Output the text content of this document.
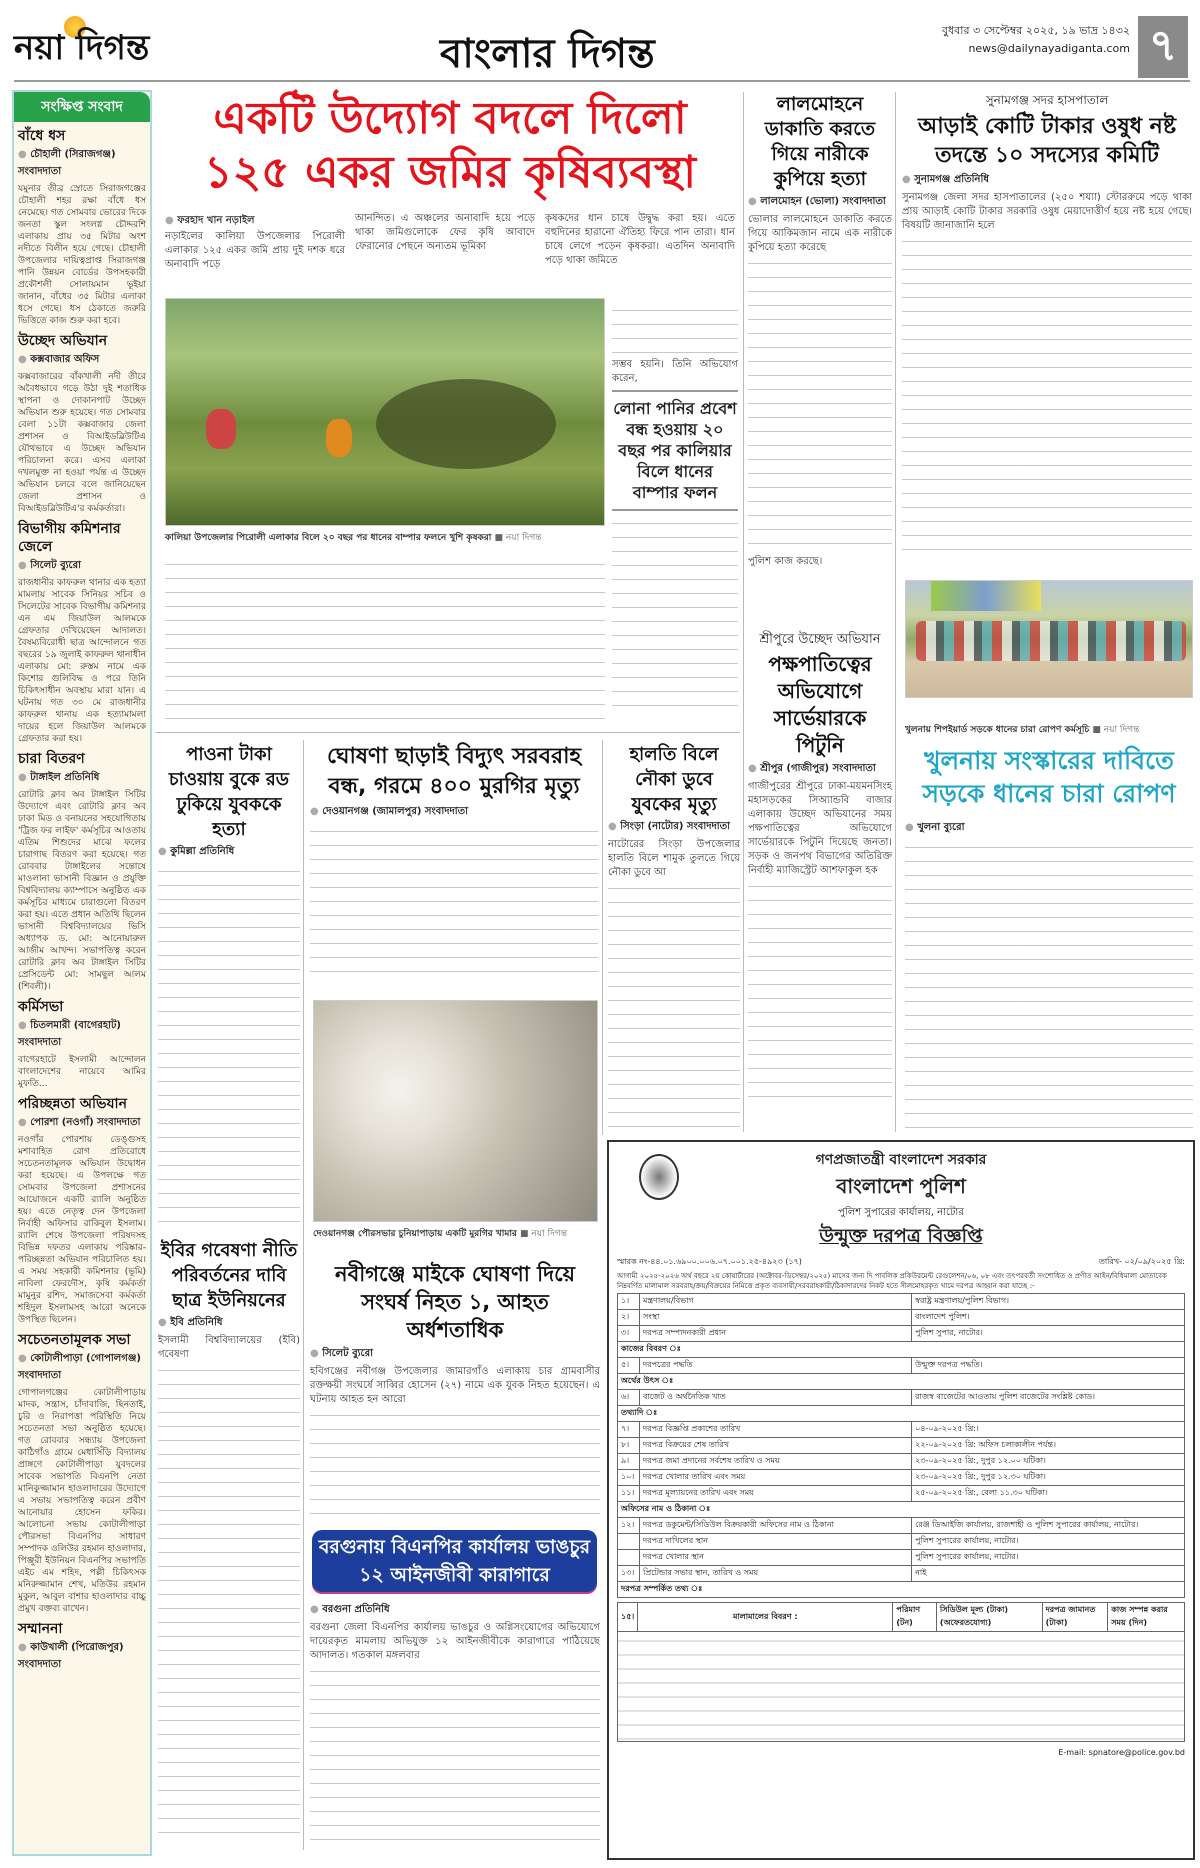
নয়া দিগন্ত	বাংলার দিগন্ত
বুধবার ৩ সেপ্টেম্বর ২০২৫, ১৯ ভাদ্র ১৪৩২
news@dailynayadiganta.com ৭
সংক্ষিপ্ত সংবাদ
বাঁধে ধস
● চৌহালী (সিরাজগঞ্জ) সংবাদদাতা
যমুনার তীব্র স্রোতে সিরাজগঞ্জের চৌহালী শহর রক্ষা বাঁধে ধস নেমেছে। গত সোমবার ভোরের দিকে জনতা স্কুল সংলগ্ন চৌদ্দরশি এলাকায় প্রায় ৩৫ মিটার অংশ নদীতে বিলীন হয়ে গেছে। চৌহালী উপজেলার দায়িত্বপ্রাপ্ত সিরাজগঞ্জ পানি উন্নয়ন বোর্ডের উপসহকারী প্রকৌশলী সোলায়মান ভূইয়া জানান, বাঁধের ৩৫ মিটার এলাকা ধসে গেছে। ধস ঠেকাতে জরুরি ভিত্তিতে কাজ শুরু করা হবে।
উচ্ছেদ অভিযান
● কক্সবাজার অফিস
কক্সবাজারের বাঁকখালী নদী তীরে অবৈধভাবে গড়ে উঠা দুই শতাধিক স্থাপনা ও দোকানপাট উচ্ছেদ অভিযান শুরু হয়েছে। গত সোমবার বেলা ১১টা কক্সবাজার জেলা প্রশাসন ও বিআইডব্লিউটিএ যৌথভাবে এ উচ্ছেদ অভিযান পরিচালনা করে। এসব এলাকা দখলমুক্ত না হওয়া পর্যন্ত এ উচ্ছেদ অভিযান চলবে বলে জানিয়েছেন জেলা প্রশাসন ও বিআইডব্লিউটিএ'র কর্মকর্তারা।
বিভাগীয় কমিশনার জেলে
● সিলেট ব্যুরো
রাজধানীর কাফরুল থানার এক হত্যা মামলায় সাবেক সিনিয়র সচিব ও সিলেটের সাবেক বিভাগীয় কমিশনার এন এম জিয়াউল আলমকে গ্রেফতার দেখিয়েছেন আদালত। বৈষম্যবিরোধী ছাত্র আন্দোলনে গত বছরের ১৯ জুলাই কাফরুল থানাধীন এলাকায় মো: রুস্তম নামে এক কিশোর গুলিবিদ্ধ ও পরে তিনি চিকিৎসাধীন অবস্থায় মারা যান। এ ঘটনায় গত ৩০ মে রাজধানীর কাফরুল থানায় এক হত্যামামলা দায়ের হলে জিয়াউল আলমকে গ্রেফতার করা হয়।
চারা বিতরণ
● টাঙ্গাইল প্রতিনিধি
রোটারি ক্লাব অব টাঙ্গাইল সিটির উদ্যোগে এবং রোটারি ক্লাব অব ঢাকা মিড ও বনায়নের সহযোগিতায় 'ট্রিজ ফর লাইফ' কর্মসূচির আওতায় এতিম শিশুদের মাঝে ফলের চারাগাছ বিতরণ করা হয়েছে। গত রোববার টাঙ্গাইলের সন্তোষে মাওলানা ভাসানী বিজ্ঞান ও প্রযুক্তি বিশ্ববিদ্যালয় ক্যাম্পাসে অনুষ্ঠিত এক কর্মসূচির মাধ্যমে চারাগুলো বিতরণ করা হয়। এতে প্রধান অতিথি ছিলেন ভাসানী বিশ্ববিদ্যালয়ের ভিসি অধ্যাপক ড. মো: আনোয়ারুল আজীম আখন্দ। সভাপতিত্ব করেন রোটারি ক্লাব অব টাঙ্গাইল সিটির প্রেসিডেন্ট মো: সামছুল আলম (শিবলী)।
কর্মিসভা
● চিতলমারী (বাগেরহাট) সংবাদদাতা
বাগেরহাটে ইসলামী আন্দোলন বাংলাদেশের নায়েবে আমির মুফতি...
পরিচ্ছন্নতা অভিযান
● পোরশা (নওগাঁ) সংবাদদাতা
নওগাঁর পোরশায় ডেঙ্গুসহ মশাবাহিত রোগ প্রতিরোধে সচেতনতামূলক অভিযান উদ্বোধন করা হয়েছে। এ উপলক্ষে গত সোমবার উপজেলা প্রশাসনের আয়োজনে একটি র‍্যালি অনুষ্ঠিত হয়। এতে নেতৃত্ব দেন উপজেলা নির্বাহী অফিসার রাকিবুল ইসলাম। র‍্যালি শেষে উপজেলা পরিষদসহ বিভিন্ন দফতর এলাকায় পরিষ্কার-পরিচ্ছন্নতা অভিযান পরিচালিত হয়। এ সময় সহকারী কমিশনার (ভূমি) নাবিলা ফেরদৌস, কৃষি কর্মকর্তা মামুনুর রশিদ, সমাজসেবা কর্মকর্তা শহিদুল ইসলামসহ আরো অনেকে উপস্থিত ছিলেন।
সচেতনতামূলক সভা
● কোটালীপাড়া (গোপালগঞ্জ) সংবাদদাতা
গোপালগঞ্জের কোটালীপাড়ায় মাদক, সন্ত্রাস, চাঁদাবাজি, ছিনতাই, চুরি ও নিরাপত্তা পরিস্থিতি নিয়ে সচেতনতা সভা অনুষ্ঠিত হয়েছে। গত রোববার সন্ধ্যায় উপজেলা কাঠিগাঁও গ্রামে মেধাসিঁড়ি বিদ্যালয় প্রাঙ্গণে কোটালীপাড়া যুবদলের সাবেক সভাপতি বিএনপি নেতা মানিকুজ্জামান হাওলাদারের উদ্যোগে এ সভায় সভাপতিত্ব করেন প্রবীণ আনোয়ার হোসেন ফকির। আলোচনা সভায় কোটালীপাড়া পৌরসভা বিএনপির সাধারণ সম্পাদক ওলিউর রহমান হাওলাদার, পিঞ্জুরী ইউনিয়ন বিএনপির সভাপতি এইচ এম শহিদ, পল্লী চিকিৎসক মনিরুজ্জামান শেখ, মতিউর রহমান মুকুল, আবুল বাশার হাওলাদার বাচ্চু প্রমুখ বক্তব্য রাখেন।
সম্মাননা
● কাউখালী (পিরোজপুর) সংবাদদাতা
একটি উদ্যোগ বদলে দিলো
১২৫ একর জমির কৃষিব্যবস্থা
● ফরহাদ খান নড়াইল
নড়াইলের কালিয়া উপজেলার পিরোলী এলাকার ১২৫ একর জমি প্রায় দুই দশক ধরে অনাবাদি পড়ে
আনন্দিত। এ অঞ্চলের অনাবাদি হয়ে পড়ে থাকা জমিগুলোকে ফের কৃষি আবাদে ফেরানোর পেছনে অন্যতম ভূমিকা
কৃষকদের ধান চাষে উদ্বুদ্ধ করা হয়। এতে বহুদিনের হারানো ঐতিহ্য ফিরে পান তারা। ধান চাষে লেগে পড়েন কৃষকরা। এতদিন অনাবাদি পড়ে থাকা জমিতে
কালিয়া উপজেলার পিরোলী এলাকার বিলে ২০ বছর পর ধানের বাম্পার ফলনে খুশি কৃষকরা ■ নয়া দিগন্ত
সম্ভব হয়নি। তিনি অভিযোগ করেন,
লোনা পানির প্রবেশ বন্ধ হওয়ায় ২০ বছর পর কালিয়ার বিলে ধানের বাম্পার ফলন
লালমোহনে ডাকাতি করতে গিয়ে নারীকে কুপিয়ে হত্যা
● লালমোহন (ভোলা) সংবাদদাতা
ভোলার লালমোহনে ডাকাতি করতে গিয়ে আকিমজান নামে এক নারীকে কুপিয়ে হত্যা করেছে
পুলিশ কাজ করছে।
শ্রীপুরে উচ্ছেদ অভিযান
পক্ষপাতিত্বের অভিযোগে সার্ভেয়ারকে পিটুনি
● শ্রীপুর (গাজীপুর) সংবাদদাতা
গাজীপুরের শ্রীপুরে ঢাকা-ময়মনসিংহ মহাসড়কের সিঅ্যান্ডবি বাজার এলাকায় উচ্ছেদ অভিযানের সময় পক্ষপাতিত্বের অভিযোগে সার্ভেয়ারকে পিটুনি দিয়েছে জনতা। সড়ক ও জনপথ বিভাগের অতিরিক্ত নির্বাহী ম্যাজিস্ট্রেট আশফাকুল হক
সুনামগঞ্জ সদর হাসপাতাল
আড়াই কোটি টাকার ওষুধ নষ্ট তদন্তে ১০ সদস্যের কমিটি
● সুনামগঞ্জ প্রতিনিধি
সুনামগঞ্জ জেলা সদর হাসপাতালের (২৫০ শয্যা) স্টোররুমে পড়ে থাকা প্রায় আড়াই কোটি টাকার সরকারি ওষুধ মেয়াদোত্তীর্ণ হয়ে নষ্ট হয়ে গেছে। বিষয়টি জানাজানি হলে
খুলনায় শিপইয়ার্ড সড়কে ধানের চারা রোপণ কর্মসূচি ■ নয়া দিগন্ত
খুলনায় সংস্কারের দাবিতে সড়কে ধানের চারা রোপণ
● খুলনা ব্যুরো
পাওনা টাকা চাওয়ায় বুকে রড ঢুকিয়ে যুবককে হত্যা
● কুমিল্লা প্রতিনিধি
ঘোষণা ছাড়াই বিদ্যুৎ সরবরাহ বন্ধ, গরমে ৪০০ মুরগির মৃত্যু
● দেওয়ানগঞ্জ (জামালপুর) সংবাদদাতা
দেওয়ানগঞ্জ পৌরসভার চুনিয়াপাড়ায় একটি মুরগির খামার ■ নয়া দিগন্ত
হালতি বিলে নৌকা ডুবে যুবকের মৃত্যু
● সিংড়া (নাটোর) সংবাদদাতা
নাটোরের সিংড়া উপজেলার হালতি বিলে শামুক তুলতে গিয়ে নৌকা ডুবে আ
ইবির গবেষণা নীতি পরিবর্তনের দাবি ছাত্র ইউনিয়নের
● ইবি প্রতিনিধি
ইসলামী বিশ্ববিদ্যালয়ের (ইবি) গবেষণা
নবীগঞ্জে মাইকে ঘোষণা দিয়ে সংঘর্ষ নিহত ১, আহত অর্ধশতাধিক
● সিলেট ব্যুরো
হবিগঞ্জের নবীগঞ্জ উপজেলার জামারগাঁও এলাকায় চার গ্রামবাসীর রক্তক্ষয়ী সংঘর্ষে সাব্বির হোসেন (২৭) নামে এক যুবক নিহত হয়েছেন। এ ঘটনায় আহত হন আরো
বরগুনায় বিএনপির কার্যালয় ভাঙচুর ১২ আইনজীবী কারাগারে
● বরগুনা প্রতিনিধি
বরগুনা জেলা বিএনপির কার্যালয় ভাঙচুর ও অগ্নিসংযোগের অভিযোগে দায়েরকৃত মামলায় অভিযুক্ত ১২ আইনজীবীকে কারাগারে পাঠিয়েছে আদালত। গতকাল মঙ্গলবার
গণপ্রজাতন্ত্রী বাংলাদেশ সরকার
বাংলাদেশ পুলিশ
পুলিশ সুপারের কার্যালয়, নাটোর
উন্মুক্ত দরপত্র বিজ্ঞপ্তি
স্মারক নং-৪৪.০১.৬৯০০.০০৬.০৭.০০১.২৫-৪৯২৩ (১৭)	তারিখ- ০২/০৯/২০২৫ খ্রি:
আগামী ২০২৫-২০২৬ অর্থ বছরে ২য় কোয়ার্টারের (অক্টোবর-ডিসেম্বর/২০২৫) মাসের জন্য দি পাবলিক প্রকিউরমেন্ট রেগুলেশন/০৬, ০৮ এবং তৎপরবর্তী সংশোধিত ও প্রণীত আইন/বিধিমালা মোতাবেক নিম্নবর্ণিত মালামাল সরবরাহ/ক্রয়/বিক্রয়ের নিমিত্তে প্রকৃত ব্যবসায়ী/সরবরাহকারী/ঠিকাদারদের নিকট হতে সীলমোহরকৃত খামে দরপত্র আহ্বান করা যাচ্ছে :-
১।	মন্ত্রণালয়/বিভাগ	স্বরাষ্ট্র মন্ত্রণালয়/পুলিশ বিভাগ।
২।	সংস্থা	বাংলাদেশ পুলিশ।
৩।	দরপত্র সম্পাদনকারী প্রধান	পুলিশ সুপার, নাটোর।
কাজের বিবরণ ঃ		
৫।	দরপত্রের পদ্ধতি	উন্মুক্ত দরপত্র পদ্ধতি।
অর্থের উৎস ঃ		
৬।	বাজেট ও অর্থনৈতিক খাত	রাজস্ব বাজেটের আওতায় পুলিশ বাজেটের সংশ্লিষ্ট কোড।
তথ্যাদি ঃ		
৭।	দরপত্র বিজ্ঞপ্তি প্রকাশের তারিখ	০৪-০৯-২০২৫ খ্রি:।
৮।	দরপত্র বিক্রয়ের শেষ তারিখ	২২-০৯-২০২৫ খ্রি: অফিস চলাকালীন পর্যন্ত।
৯।	দরপত্র জমা প্রদানের সর্বশেষ তারিখ ও সময়	২৩-০৯-২০২৫ খ্রি:, দুপুর ১২.০০ ঘটিকা।
১০।	দরপত্র খোলার তারিখ এবং সময়	২৩-০৯-২০২৫ খ্রি:, দুপুর ১২.৩০ ঘটিকা।
১১।	দরপত্র মূল্যায়নের তারিখ এবং সময়	২৫-০৯-২০২৫ খ্রি:, বেলা ১১.৩০ ঘটিকা।
অফিসের নাম ও ঠিকানা ঃ		
১২।	দরপত্র ডকুমেন্ট/সিডিউল বিক্রয়কারী অফিসের নাম ও ঠিকানা	রেঞ্জ ডিআইজি কার্যালয়, রাজশাহী ও পুলিশ সুপারের কার্যালয়, নাটোর।
	দরপত্র দাখিলের স্থান	পুলিশ সুপারের কার্যালয়, নাটোর।
	দরপত্র খোলার স্থান	পুলিশ সুপারের কার্যালয়, নাটোর।
১৩।	প্রিটেন্ডার সভার স্থান, তারিখ ও সময়	নাই
দরপত্র সম্পর্কিত তথ্য ঃ		
১৫।	মালামালের বিবরণ :	পরিমাণ (টন)	সিডিউল মূল্য (টাকা) (অফেরতযোগ্য)	দরপত্র জামানত (টাকা)	কাজ সম্পন্ন করার সময় (দিন)

E-mail: spnatore@police.gov.bd
